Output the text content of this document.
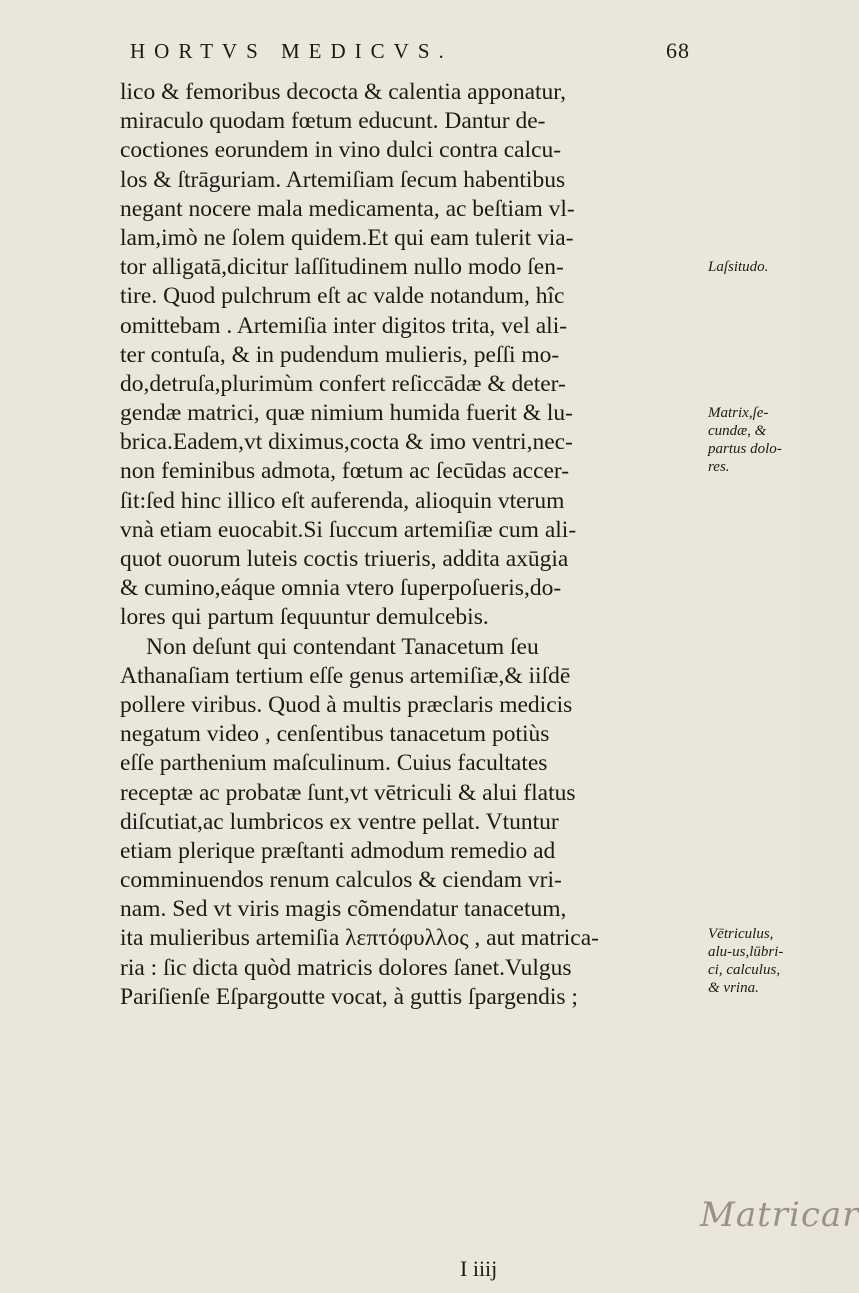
HORTVS MEDICVS.	68
lico & femoribus decocta & calentia apponatur,
miraculo quodam fœtum educunt. Dantur de-
coctiones eorundem in vino dulci contra calcu-
los & ſtrāguriam. Artemiſiam ſecum habentibus
negant nocere mala medicamenta, ac beſtiam vl-
lam,imò ne ſolem quidem.Et qui eam tulerit via-
tor alligatā,dicitur laſſitudinem nullo modo ſen-
tire. Quod pulchrum eſt ac valde notandum, hîc
omittebam . Artemiſia inter digitos trita, vel ali-
ter contuſa, & in pudendum mulieris, peſſi mo-
do,detruſa,plurimùm confert reſiccādæ & deter-
gendæ matrici, quæ nimium humida fuerit & lu-
brica.Eadem,vt diximus,cocta & imo ventri,nec-
non feminibus admota, fœtum ac ſecūdas accer-
ſit:ſed hinc illico eſt auferenda, alioquin vterum
vnà etiam euocabit.Si ſuccum artemiſiæ cum ali-
quot ouorum luteis coctis triueris, addita axūgia
& cumino,eáque omnia vtero ſuperpoſueris,do-
lores qui partum ſequuntur demulcebis.
Non deſunt qui contendant Tanacetum ſeu
Athanaſiam tertium eſſe genus artemiſiæ,& iiſdē
pollere viribus. Quod à multis præclaris medicis
negatum video , cenſentibus tanacetum potiùs
eſſe parthenium maſculinum. Cuius facultates
receptæ ac probatæ ſunt,vt vētriculi & alui flatus
diſcutiat,ac lumbricos ex ventre pellat. Vtuntur
etiam plerique præſtanti admodum remedio ad
comminuendos renum calculos & ciendam vri-
nam. Sed vt viris magis cõmendatur tanacetum,
ita mulieribus artemiſia λεπτόφυλλος , aut matrica-
ria : ſic dicta quòd matricis dolores ſanet.Vulgus
Pariſienſe Eſpargoutte vocat, à guttis ſpargendis ;
I iiij
Laſsitudo.
Matrix,ſe-
cundæ, &
partus dolo-
res.
Vētriculus,
alu-us,lūbri-
ci, calculus,
& vrina.
Matricar
